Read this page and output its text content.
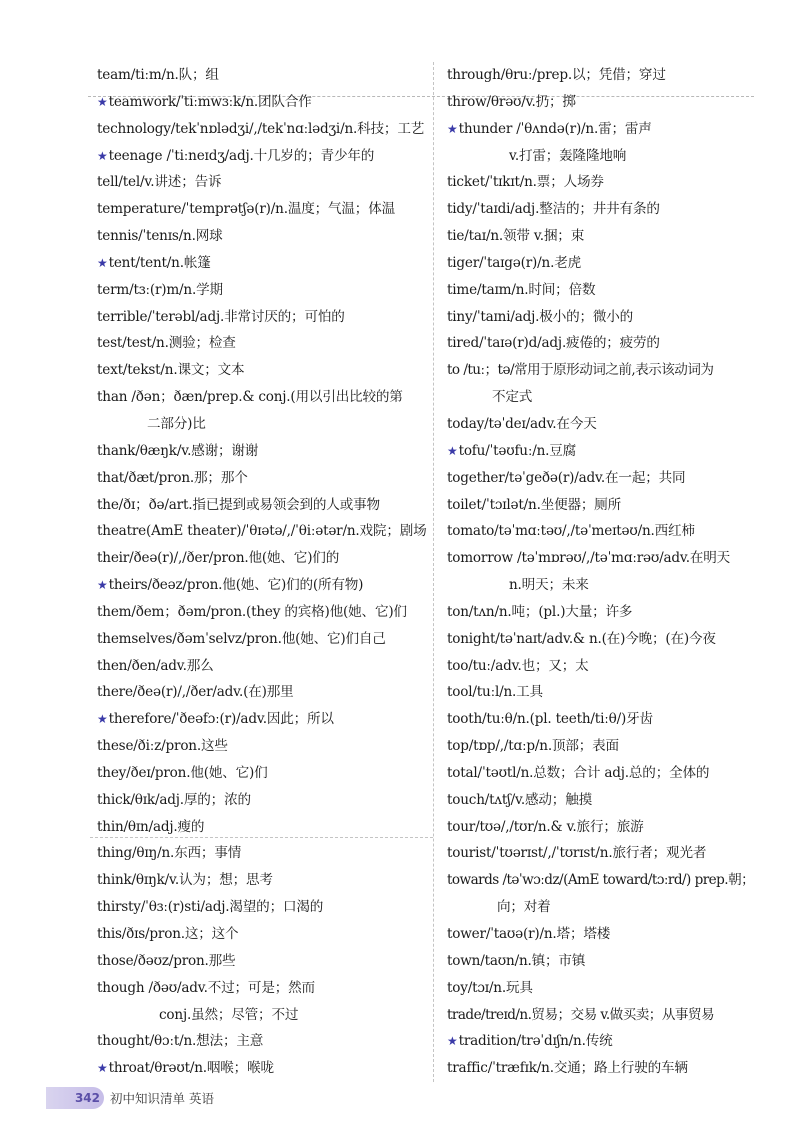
team/tiːm/n.队；组
★teamwork/ˈtiːmwɜːk/n.团队合作
technology/tekˈnɒlədʒi/,/tekˈnɑːlədʒi/n.科技；工艺
★teenage /ˈtiːneɪdʒ/adj.十几岁的；青少年的
tell/tel/v.讲述；告诉
temperature/ˈtemprətʃə(r)/n.温度；气温；体温
tennis/ˈtenɪs/n.网球
★tent/tent/n.帐篷
term/tɜː(r)m/n.学期
terrible/ˈterəbl/adj.非常讨厌的；可怕的
test/test/n.测验；检查
text/tekst/n.课文；文本
than /ðən；ðæn/prep.& conj.(用以引出比较的第
二部分)比
thank/θæŋk/v.感谢；谢谢
that/ðæt/pron.那；那个
the/ðɪ；ðə/art.指已提到或易领会到的人或事物
theatre(AmE theater)/ˈθɪətə/,/ˈθiːətər/n.戏院；剧场
their/ðeə(r)/,/ðer/pron.他(她、它)们的
★theirs/ðeəz/pron.他(她、它)们的(所有物)
them/ðem；ðəm/pron.(they 的宾格)他(她、它)们
themselves/ðəmˈselvz/pron.他(她、它)们自己
then/ðen/adv.那么
there/ðeə(r)/,/ðer/adv.(在)那里
★therefore/ˈðeəfɔː(r)/adv.因此；所以
these/ðiːz/pron.这些
they/ðeɪ/pron.他(她、它)们
thick/θɪk/adj.厚的；浓的
thin/θɪn/adj.瘦的
thing/θɪŋ/n.东西；事情
think/θɪŋk/v.认为；想；思考
thirsty/ˈθɜː(r)sti/adj.渴望的；口渴的
this/ðɪs/pron.这；这个
those/ðəʊz/pron.那些
though /ðəʊ/adv.不过；可是；然而
conj.虽然；尽管；不过
thought/θɔːt/n.想法；主意
★throat/θrəʊt/n.咽喉；喉咙
through/θruː/prep.以；凭借；穿过
throw/θrəʊ/v.扔；掷
★thunder /ˈθʌndə(r)/n.雷；雷声
v.打雷；轰隆隆地响
ticket/ˈtɪkɪt/n.票；人场券
tidy/ˈtaɪdi/adj.整洁的；井井有条的
tie/taɪ/n.领带 v.捆；束
tiger/ˈtaɪgə(r)/n.老虎
time/taɪm/n.时间；倍数
tiny/ˈtaɪni/adj.极小的；微小的
tired/ˈtaɪə(r)d/adj.疲倦的；疲劳的
to /tuː；tə/常用于原形动词之前,表示该动词为
不定式
today/təˈdeɪ/adv.在今天
★tofu/ˈtəʊfuː/n.豆腐
together/təˈgeðə(r)/adv.在一起；共同
toilet/ˈtɔɪlət/n.坐便器；厕所
tomato/təˈmɑːtəʊ/,/təˈmeɪtəʊ/n.西红柿
tomorrow /təˈmɒrəʊ/,/təˈmɑːrəʊ/adv.在明天
n.明天；未来
ton/tʌn/n.吨；(pl.)大量；许多
tonight/təˈnaɪt/adv.& n.(在)今晚；(在)今夜
too/tuː/adv.也；又；太
tool/tuːl/n.工具
tooth/tuːθ/n.(pl. teeth/tiːθ/)牙齿
top/tɒp/,/tɑːp/n.顶部；表面
total/ˈtəʊtl/n.总数；合计 adj.总的；全体的
touch/tʌtʃ/v.感动；触摸
tour/tʊə/,/tʊr/n.& v.旅行；旅游
tourist/ˈtʊərɪst/,/ˈtʊrɪst/n.旅行者；观光者
towards /təˈwɔːdz/(AmE toward/tɔːrd/) prep.朝；
向；对着
tower/ˈtaʊə(r)/n.塔；塔楼
town/taʊn/n.镇；市镇
toy/tɔɪ/n.玩具
trade/treɪd/n.贸易；交易 v.做买卖；从事贸易
★tradition/trəˈdɪʃn/n.传统
traffic/ˈtræfɪk/n.交通；路上行驶的车辆
342 初中知识清单 英语
